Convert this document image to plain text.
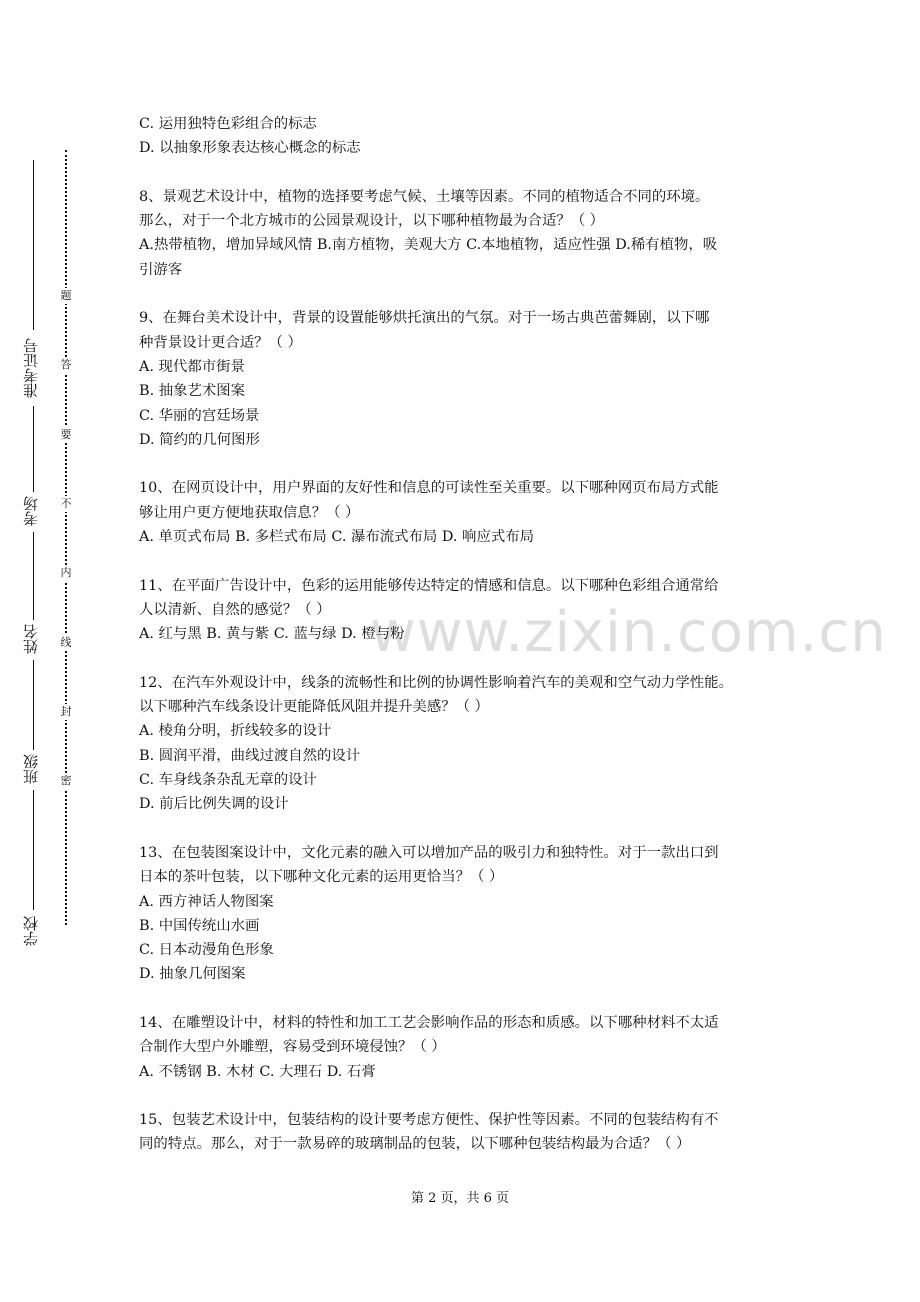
准考证号
考场
姓名
班级
学校
题
答
要
不
内
线
封
密
www.zixin.com.cn
C. 运用独特色彩组合的标志
D. 以抽象形象表达核心概念的标志
8、景观艺术设计中，植物的选择要考虑气候、土壤等因素。不同的植物适合不同的环境。
那么，对于一个北方城市的公园景观设计，以下哪种植物最为合适？（ ）
A.热带植物，增加异域风情 B.南方植物，美观大方 C.本地植物，适应性强 D.稀有植物，吸
引游客
9、在舞台美术设计中，背景的设置能够烘托演出的气氛。对于一场古典芭蕾舞剧，以下哪
种背景设计更合适？（ ）
A. 现代都市街景
B. 抽象艺术图案
C. 华丽的宫廷场景
D. 简约的几何图形
10、在网页设计中，用户界面的友好性和信息的可读性至关重要。以下哪种网页布局方式能
够让用户更方便地获取信息？（ ）
A. 单页式布局 B. 多栏式布局 C. 瀑布流式布局 D. 响应式布局
11、在平面广告设计中，色彩的运用能够传达特定的情感和信息。以下哪种色彩组合通常给
人以清新、自然的感觉？（ ）
A. 红与黑 B. 黄与紫 C. 蓝与绿 D. 橙与粉
12、在汽车外观设计中，线条的流畅性和比例的协调性影响着汽车的美观和空气动力学性能。
以下哪种汽车线条设计更能降低风阻并提升美感？（ ）
A. 棱角分明，折线较多的设计
B. 圆润平滑，曲线过渡自然的设计
C. 车身线条杂乱无章的设计
D. 前后比例失调的设计
13、在包装图案设计中，文化元素的融入可以增加产品的吸引力和独特性。对于一款出口到
日本的茶叶包装，以下哪种文化元素的运用更恰当？（ ）
A. 西方神话人物图案
B. 中国传统山水画
C. 日本动漫角色形象
D. 抽象几何图案
14、在雕塑设计中，材料的特性和加工工艺会影响作品的形态和质感。以下哪种材料不太适
合制作大型户外雕塑，容易受到环境侵蚀？（ ）
A. 不锈钢 B. 木材 C. 大理石 D. 石膏
15、包装艺术设计中，包装结构的设计要考虑方便性、保护性等因素。不同的包装结构有不
同的特点。那么，对于一款易碎的玻璃制品的包装，以下哪种包装结构最为合适？（ ）
第 2 页，共 6 页
